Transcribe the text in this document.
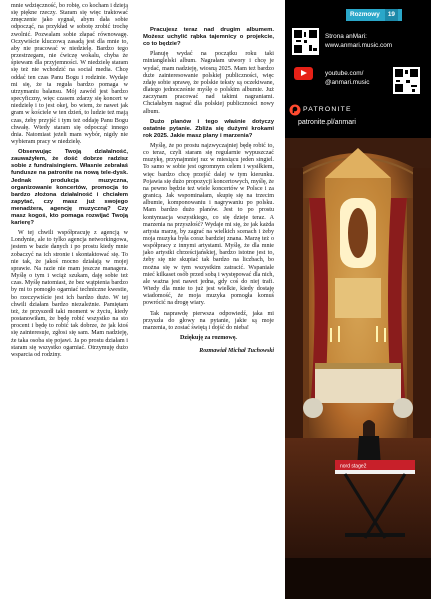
mnie wdzięczność, bo robię, co kocham i dzieją się piękne rzeczy. Staram się więc traktować zmęczenie jako sygnał, abym dała sobie odpocząć, na przykład w sobotę zrobić trochę zwolnić. Pozwalam sobie złapać równowagę. Oczywiście kluczową zasadą jest dla mnie to, aby nie pracować w niedzielę. Bardzo tego przestrzegam, nie ćwiczę wokalu, chyba że śpiewam dla przyjemności. W niedzielę staram się też nie wchodzić na social media. Chcę oddać ten czas Panu Bogu i rodzinie. Wydaje mi się, że ta reguła bardzo pomaga w utrzymaniu balansu. Mój zawód jest bardzo specyficzny, więc czasem zdarzy się koncert w niedzielę i to jest okej, bo wiem, że nawet jak gram w kościele w ten dzień, to ludzie też mają czas, żeby przyjść i tym też oddaję Panu Bogu chwałę. Wtedy staram się odpocząć innego dnia. Natomiast jeżeli mam wybór, nigdy nie wybieram pracy w niedzielę.

Obserwując Twoją działalność, zauważyłem, że dość dobrze radzisz sobie z fundraisingiem. Własnie zebrałaś fundusze na patronite na nową tele-dysk. Jednak produkcja muzyczna, organizowanie koncertów, promocja to bardzo złożona działalność i chciałem zapytać, czy masz już swojego menadżera, agencję muzyczną? Czy masz kogoś, kto pomaga rozwijać Twoją karierę?

W tej chwili współpracuję z agencją w Londynie, ale to tylko agencja networkingowa, jestem w bazie danych i po prostu kiedy mnie zobaczyć na ich stronie i skontaktować się. To nie tak, że jakoś mocno działają w mojej sprawie. Na razie nie mam jeszcze managera. Myślę o tym i wciąż szukam, daję sobie też czas. Myślę natomiast, że bez wątpienia bardzo by mi to pomogło ogarniać techniczne kwestie, bo rzeczywiście jest ich bardzo dużo. W tej chwili działam bardzo niezależnie. Pamiętam też, że przyszedł taki moment w życiu, kiedy postanowiłam, że będę robić wszystko na sto procent i będę to robić tak dobrze, że jak ktoś się zainteresuje, zgłosi się sam. Mam nadzieję, że taka osoba się pojawi. Ja po prostu działam i staram się wszystko ogarniać. Otrzymuję dużo wsparcia od rodziny.

Pracujesz teraz nad drugim albumem. Możesz uchylić rąbka tajemnicy o projekcie, co to będzie?

Planuję wydać na początku roku taki minianglelski album. Nagrałam utwory i chcę je wydać, mam nadzieję, wiosną 2025. Mam też bardzo duże zainteresowanie polskiej publiczności, więc zdaję sobie sprawę, że polskie teksty są oczekiwane, dlatego jednocześnie myślę o polskim albumie. Już zaczynam pracować nad takimi nagraniami. Chciałabym nagrać dla polskiej publiczności nowy album.

Dużo planów i tego właśnie dotyczy ostatnie pytanie. Zbliża się dużymi krokami rok 2025. Jakie masz plany i marzenia?

Myślę, że po prostu najzwyczajniej będę robić to, co teraz, czyli staram się regularnie wypuszczać muzykę, przynajmniej raz w miesiącu jeden singiel. To samo w sobie jest ogromnym celem i wysiłkiem, więc bardzo chcę przejść dalej w tym kierunku. Pojawia się dużo propozycji koncertowych, myślę, że na pewno będzie też wiele koncertów w Polsce i za granicą. Jak wspominałam, skupię się na trzecim albumie, komponowaniu i nagrywaniu po polsku. Mam bardzo dużo planów. Jest to po prostu kontynuacja wszystkiego, co się dzieje teraz. A marzenia na przyszłość? Wydaje mi się, że jak każda artysta marzę, by zagrać na wielkich scenach i żeby moja muzyka była coraz bardziej znana. Marzę też o współpracy z innymi artystami. Myślę, że dla mnie jako artystki chrześcijańskiej, bardzo istotne jest to, żeby się nie skupiać tak bardzo na liczbach, bo można się w tym wszystkim zatracić. Wspaniale mieć kilkaset osób przed sobą i występować dla nich, ale ważna jest nawet jedna, gdy coś do niej trafi. Wtedy dla mnie to już jest wielkie, kiedy dostaję wiadomość, że moja muzyka pomogła komuś powrócić na drogę wiary.

Tak naprawdę pierwsza odpowiedź, jaka mi przyszła do głowy na pytanie, jakie są moje marzenia, to zostać świętą i dojść do nieba!

Dziękuję za rozmowę.

Rozmawiał Michał Tuchowski
Rozmowy	19
Strona anMari:
www.anmari.music.com
youtube.com/
@anmari.music
PATRONITE
patronite.pl/anmari
nord stage2
